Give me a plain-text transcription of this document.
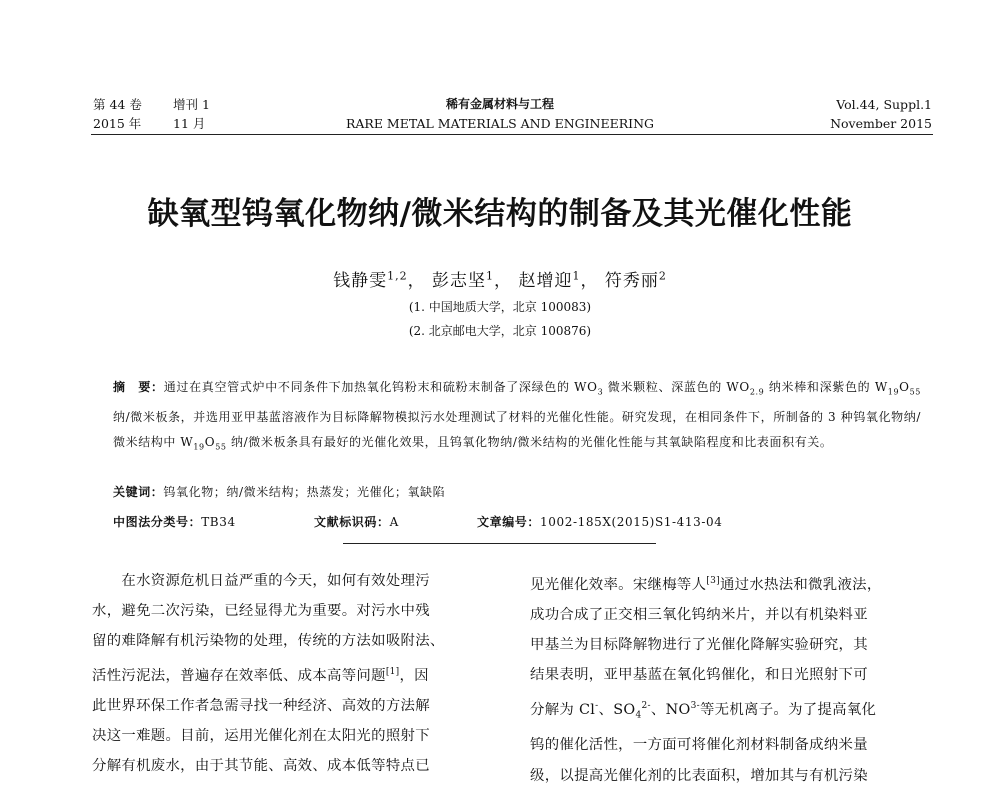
第 44 卷 增刊 1
2015 年	11 月
稀有金属材料与工程
RARE METAL MATERIALS AND ENGINEERING
Vol.44, Suppl.1
November 2015
缺氧型钨氧化物纳/微米结构的制备及其光催化性能
钱静雯$^{1,2}$， 彭志坚$^1$， 赵增迎$^1$， 符秀丽$^2$
(1. 中国地质大学，北京 100083)
(2. 北京邮电大学，北京 100876)
摘　要：通过在真空管式炉中不同条件下加热氧化钨粉末和硫粉末制备了深绿色的 $WO_3$ 微米颗粒、深蓝色的 $WO_{2.9}$ 纳米棒和深紫色的 $W_{19}O_{55}$ 纳/微米板条，并选用亚甲基蓝溶液作为目标降解物模拟污水处理测试了材料的光催化性能。研究发现，在相同条件下，所制备的 3 种钨氧化物纳/微米结构中 $W_{19}O_{55}$ 纳/微米板条具有最好的光催化效果，且钨氧化物纳/微米结构的光催化性能与其氧缺陷程度和比表面积有关。
关键词：钨氧化物；纳/微米结构；热蒸发；光催化；氧缺陷
中图法分类号：TB34	文献标识码：A	文章编号：1002-185X(2015)S1-413-04
　　在水资源危机日益严重的今天，如何有效处理污
水，避免二次污染，已经显得尤为重要。对污水中残
留的难降解有机污染物的处理，传统的方法如吸附法、
活性污泥法，普遍存在效率低、成本高等问题[1]，因
此世界环保工作者急需寻找一种经济、高效的方法解
决这一难题。目前，运用光催化剂在太阳光的照射下
分解有机废水，由于其节能、高效、成本低等特点已
见光催化效率。宋继梅等人[3]通过水热法和微乳液法，
成功合成了正交相三氧化钨纳米片，并以有机染料亚
甲基兰为目标降解物进行了光催化降解实验研究，其
结果表明，亚甲基蓝在氧化钨催化，和日光照射下可
分解为 Cl-、$SO_4^{2-}$、$NO^{3-}$等无机离子。为了提高氧化
钨的催化活性，一方面可将催化剂材料制备成纳米量
级，以提高光催化剂的比表面积，增加其与有机污染
